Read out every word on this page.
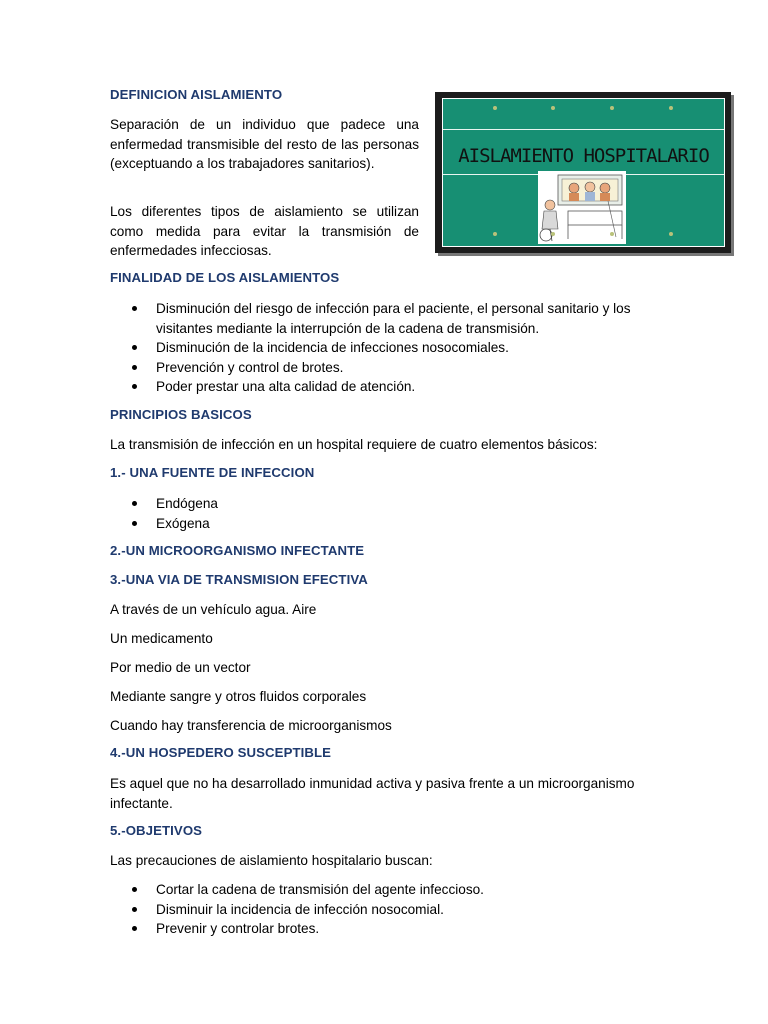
DEFINICION AISLAMIENTO
Separación de un individuo que padece una enfermedad transmisible del resto de las personas (exceptuando a los trabajadores sanitarios).
Los diferentes tipos de aislamiento se utilizan como medida para evitar la transmisión de enfermedades infecciosas.
AISLAMIENTO HOSPITALARIO
FINALIDAD DE LOS AISLAMIENTOS
Disminución del riesgo de infección para el paciente, el personal sanitario y los visitantes mediante la interrupción de la cadena de transmisión.
Disminución de la incidencia de infecciones nosocomiales.
Prevención y control de brotes.
Poder prestar una alta calidad de atención.
PRINCIPIOS BASICOS
La transmisión de infección en un hospital requiere de cuatro elementos básicos:
1.- UNA FUENTE DE INFECCION
Endógena
Exógena
2.-UN MICROORGANISMO INFECTANTE
3.-UNA VIA DE TRANSMISION EFECTIVA
A través de un vehículo agua. Aire
Un medicamento
Por medio de un vector
Mediante sangre y otros fluidos corporales
Cuando hay transferencia de microorganismos
4.-UN HOSPEDERO SUSCEPTIBLE
Es aquel que no ha desarrollado inmunidad activa y pasiva frente a un microorganismo infectante.
5.-OBJETIVOS
Las precauciones de aislamiento hospitalario buscan:
Cortar la cadena de transmisión del agente infeccioso.
Disminuir la incidencia de infección nosocomial.
Prevenir y controlar brotes.
